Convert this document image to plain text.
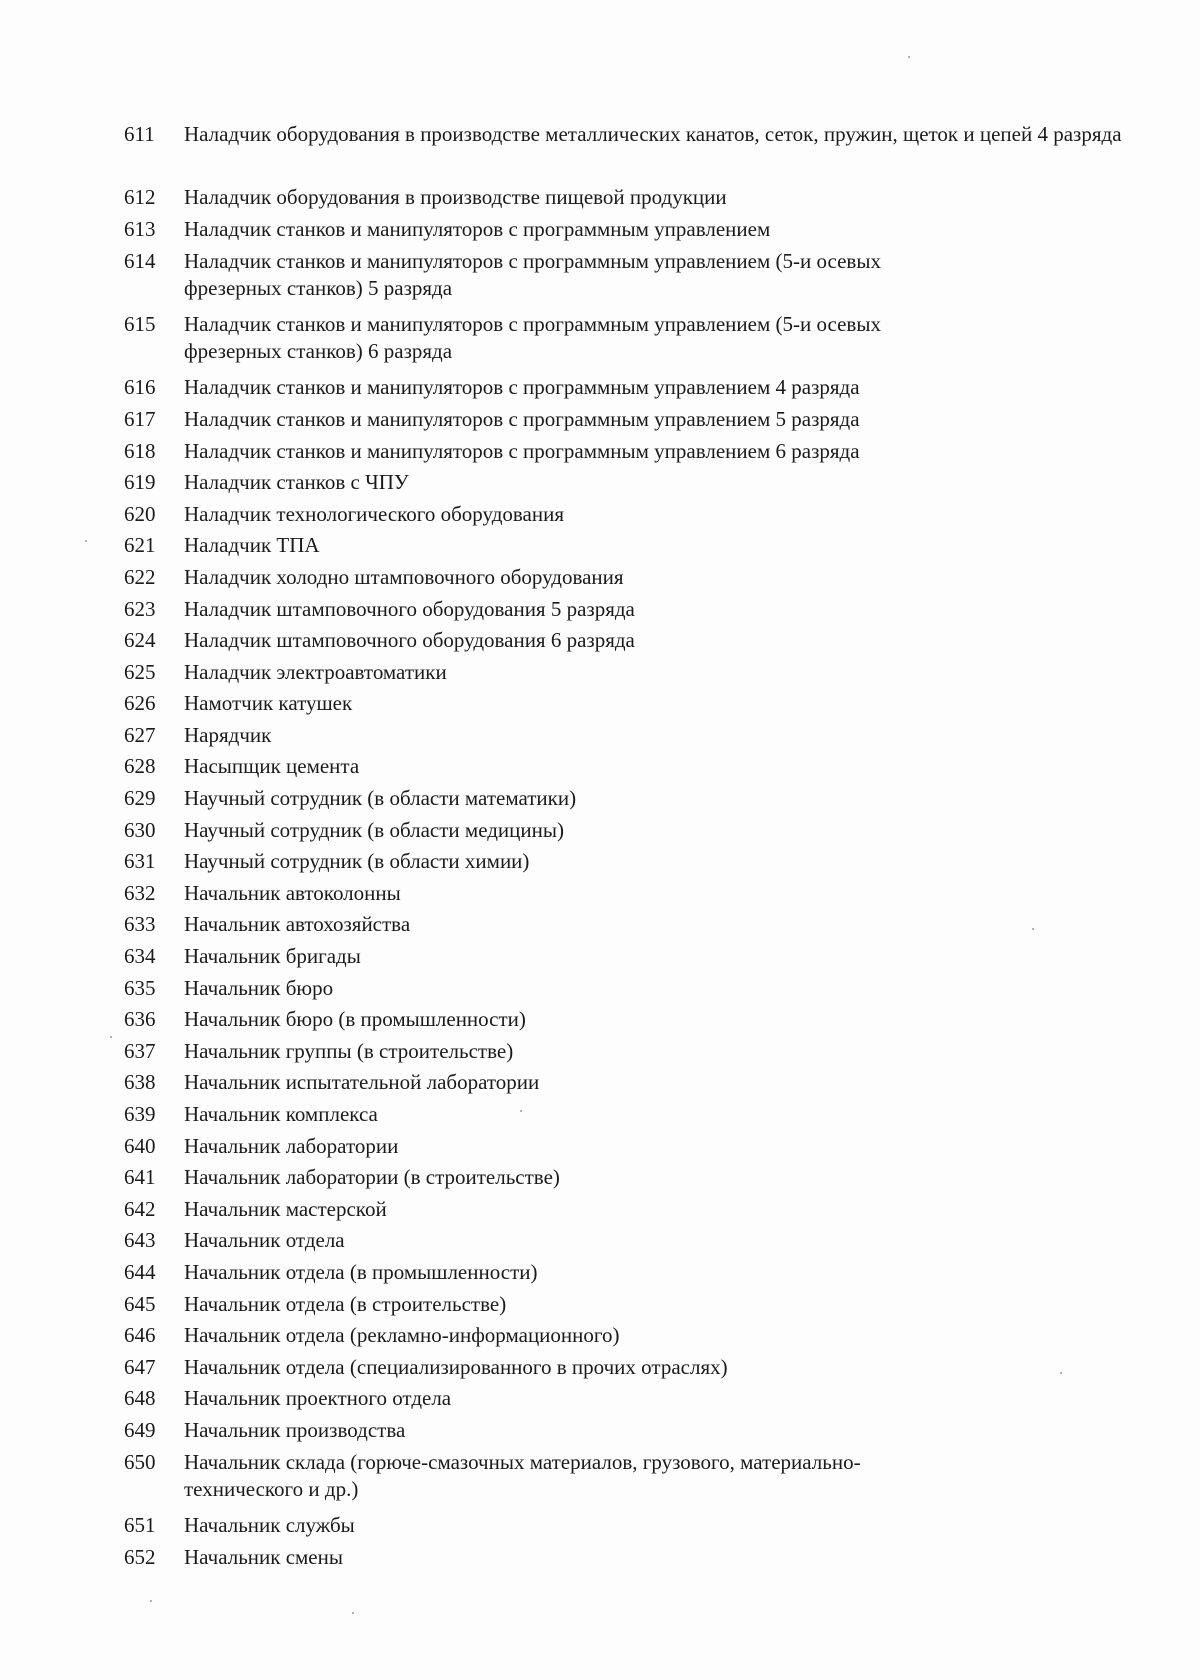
611	Наладчик оборудования в производстве металлических канатов, сеток, пружин, щеток и цепей 4 разряда
612	Наладчик оборудования в производстве пищевой продукции
613	Наладчик станков и манипуляторов с программным управлением
614	Наладчик станков и манипуляторов с программным управлением (5-и осевых фрезерных станков) 5 разряда
615	Наладчик станков и манипуляторов с программным управлением (5-и осевых фрезерных станков) 6 разряда
616	Наладчик станков и манипуляторов с программным управлением 4 разряда
617	Наладчик станков и манипуляторов с программным управлением 5 разряда
618	Наладчик станков и манипуляторов с программным управлением 6 разряда
619	Наладчик станков с ЧПУ
620	Наладчик технологического оборудования
621	Наладчик ТПА
622	Наладчик холодно штамповочного оборудования
623	Наладчик штамповочного оборудования 5 разряда
624	Наладчик штамповочного оборудования 6 разряда
625	Наладчик электроавтоматики
626	Намотчик катушек
627	Нарядчик
628	Насыпщик цемента
629	Научный сотрудник (в области математики)
630	Научный сотрудник (в области медицины)
631	Научный сотрудник (в области химии)
632	Начальник автоколонны
633	Начальник автохозяйства
634	Начальник бригады
635	Начальник бюро
636	Начальник бюро (в промышленности)
637	Начальник группы (в строительстве)
638	Начальник испытательной лаборатории
639	Начальник комплекса
640	Начальник лаборатории
641	Начальник лаборатории (в строительстве)
642	Начальник мастерской
643	Начальник отдела
644	Начальник отдела (в промышленности)
645	Начальник отдела (в строительстве)
646	Начальник отдела (рекламно-информационного)
647	Начальник отдела (специализированного в прочих отраслях)
648	Начальник проектного отдела
649	Начальник производства
650	Начальник склада (горюче-смазочных материалов, грузового, материально-технического и др.)
651	Начальник службы
652	Начальник смены
